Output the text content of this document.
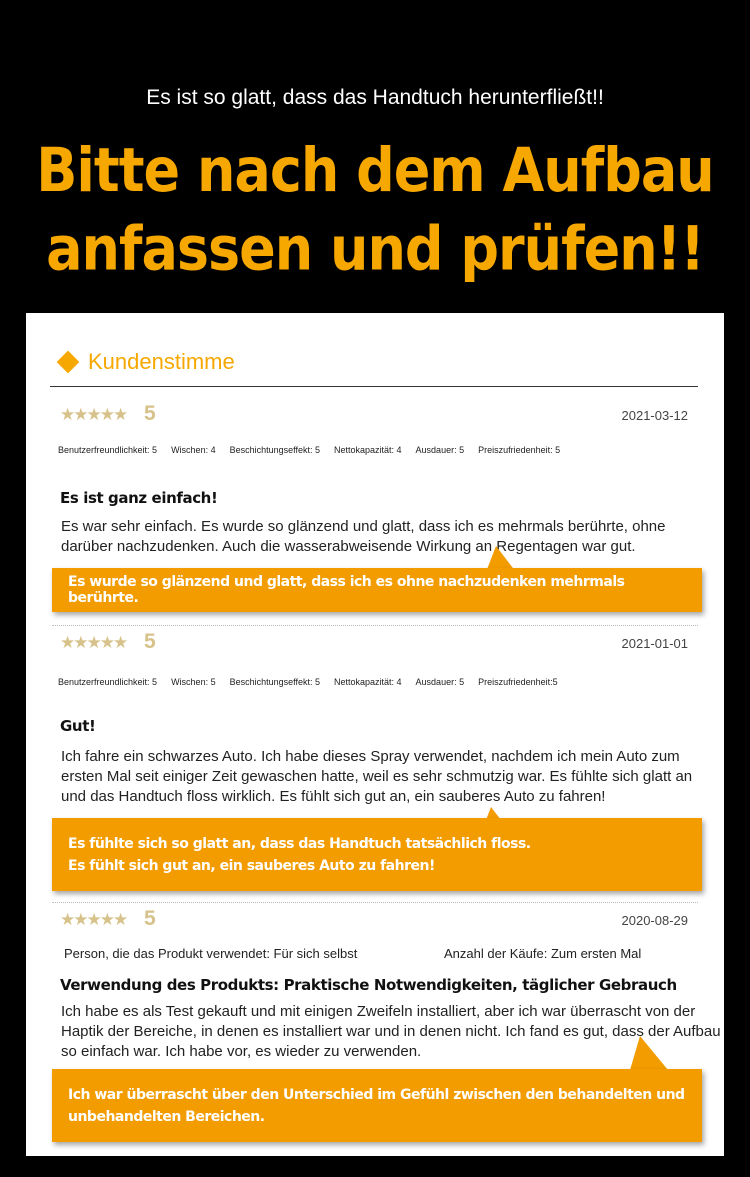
Es ist so glatt, dass das Handtuch herunterfließt!!
Bitte nach dem Aufbau
anfassen und prüfen!!
Kundenstimme
★★★★★ 5	2021-03-12
Benutzerfreundlichkeit: 5 Wischen: 4 Beschichtungseffekt: 5 Nettokapazität: 4 Ausdauer: 5 Preiszufriedenheit: 5
Es ist ganz einfach!
Es war sehr einfach. Es wurde so glänzend und glatt, dass ich es mehrmals berührte, ohne darüber nachzudenken. Auch die wasserabweisende Wirkung an Regentagen war gut.
Es wurde so glänzend und glatt, dass ich es ohne nachzudenken mehrmals berührte.
★★★★★ 5	2021-01-01
Benutzerfreundlichkeit: 5 Wischen: 5 Beschichtungseffekt: 5 Nettokapazität: 4 Ausdauer: 5 Preiszufriedenheit:5
Gut!
Ich fahre ein schwarzes Auto. Ich habe dieses Spray verwendet, nachdem ich mein Auto zum ersten Mal seit einiger Zeit gewaschen hatte, weil es sehr schmutzig war. Es fühlte sich glatt an und das Handtuch floss wirklich. Es fühlt sich gut an, ein sauberes Auto zu fahren!
★★★★★ 5	2020-08-29
Person, die das Produkt verwendet: Für sich selbst	Anzahl der Käufe: Zum ersten Mal
Verwendung des Produkts: Praktische Notwendigkeiten, täglicher Gebrauch
Ich habe es als Test gekauft und mit einigen Zweifeln installiert, aber ich war überrascht von der Haptik der Bereiche, in denen es installiert war und in denen nicht. Ich fand es gut, dass der Aufbau so einfach war. Ich habe vor, es wieder zu verwenden.
Ich war überrascht über den Unterschied im Gefühl zwischen den behandelten und unbehandelten Bereichen.
Es fühlte sich so glatt an, dass das Handtuch tatsächlich floss.
Es fühlt sich gut an, ein sauberes Auto zu fahren!
